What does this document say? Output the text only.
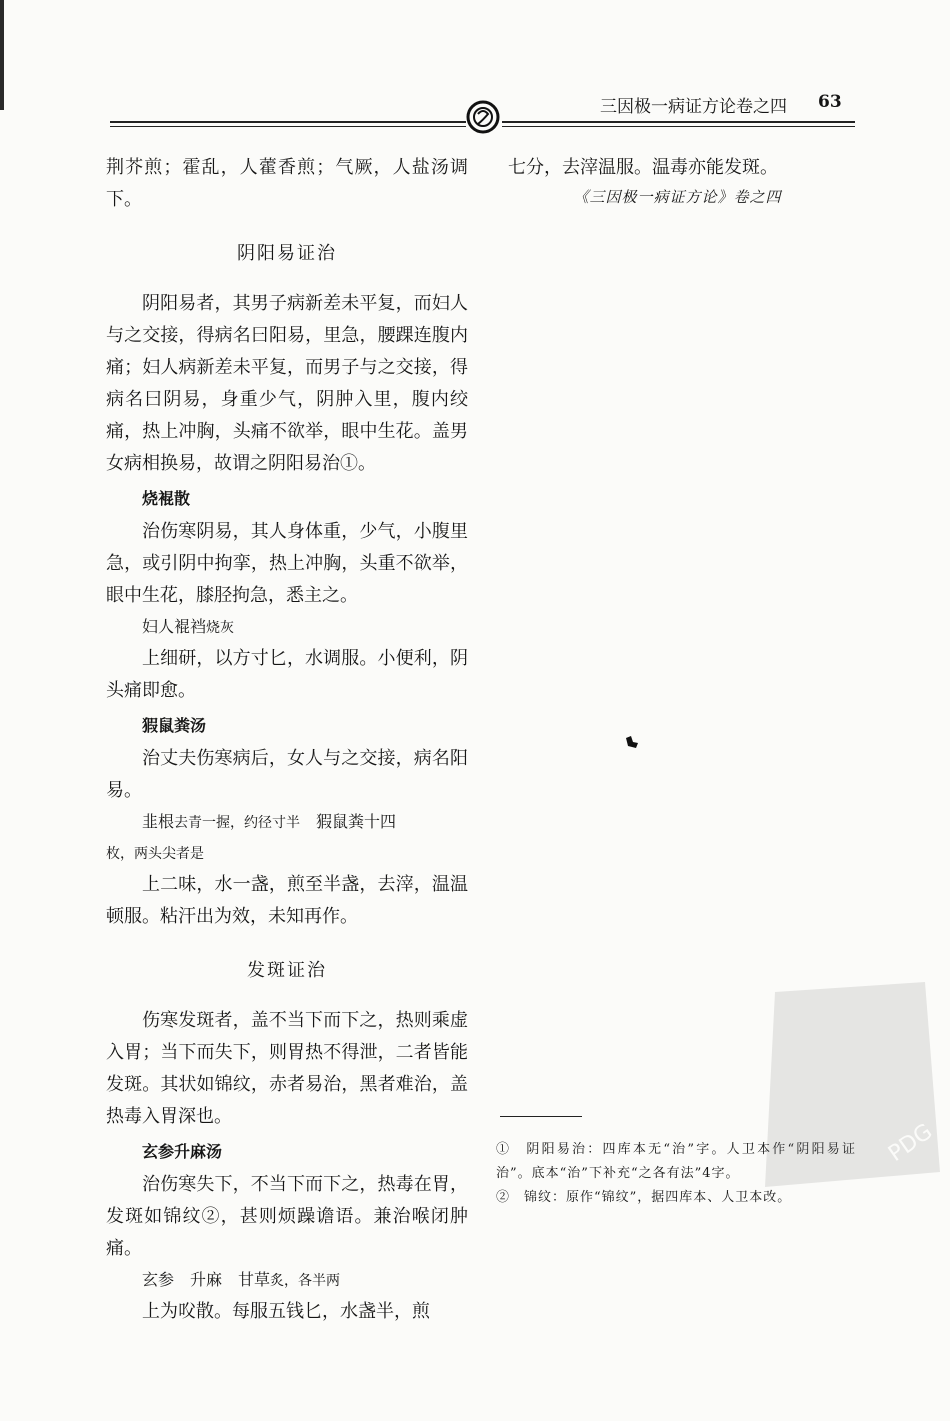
三因极一病证方论卷之四 63

荆芥煎；霍乱，人藿香煎；气厥，人盐汤调下。

阴阳易证治

阴阳易者，其男子病新差未平复，而妇人与之交接，得病名曰阳易，里急，腰踝连腹内痛；妇人病新差未平复，而男子与之交接，得病名曰阴易，身重少气，阴肿入里，腹内绞痛，热上冲胸，头痛不欲举，眼中生花。盖男女病相换易，故谓之阴阳易治①。

烧裩散

治伤寒阴易，其人身体重，少气，小腹里急，或引阴中拘挛，热上冲胸，头重不欲举，眼中生花，膝胫拘急，悉主之。

妇人裩裆烧灰

上细研，以方寸匕，水调服。小便利，阴头痛即愈。

猳鼠粪汤

治丈夫伤寒病后，女人与之交接，病名阳易。

韭根去青一握，约径寸半　 猳鼠粪十四
枚，两头尖者是

上二味，水一盏，煎至半盏，去滓，温温顿服。粘汗出为效，未知再作。

发斑证治

伤寒发斑者，盖不当下而下之，热则乘虚入胃；当下而失下，则胃热不得泄，二者皆能发斑。其状如锦纹，赤者易治，黑者难治，盖热毒入胃深也。

玄参升麻汤

治伤寒失下，不当下而下之，热毒在胃，发斑如锦纹②，甚则烦躁谵语。兼治喉闭肿痛。

玄参　升麻　甘草炙，各半两

上为㕮散。每服五钱匕，水盏半，煎

七分，去滓温服。温毒亦能发斑。

《三因极一病证方论》卷之四

①　阴阳易治：四库本无“治”字。人卫本作“阴阳易证治”。底本“治”下补充“之各有法”4字。

②　锦纹：原作“锦纹”，据四库本、人卫本改。

PDG
